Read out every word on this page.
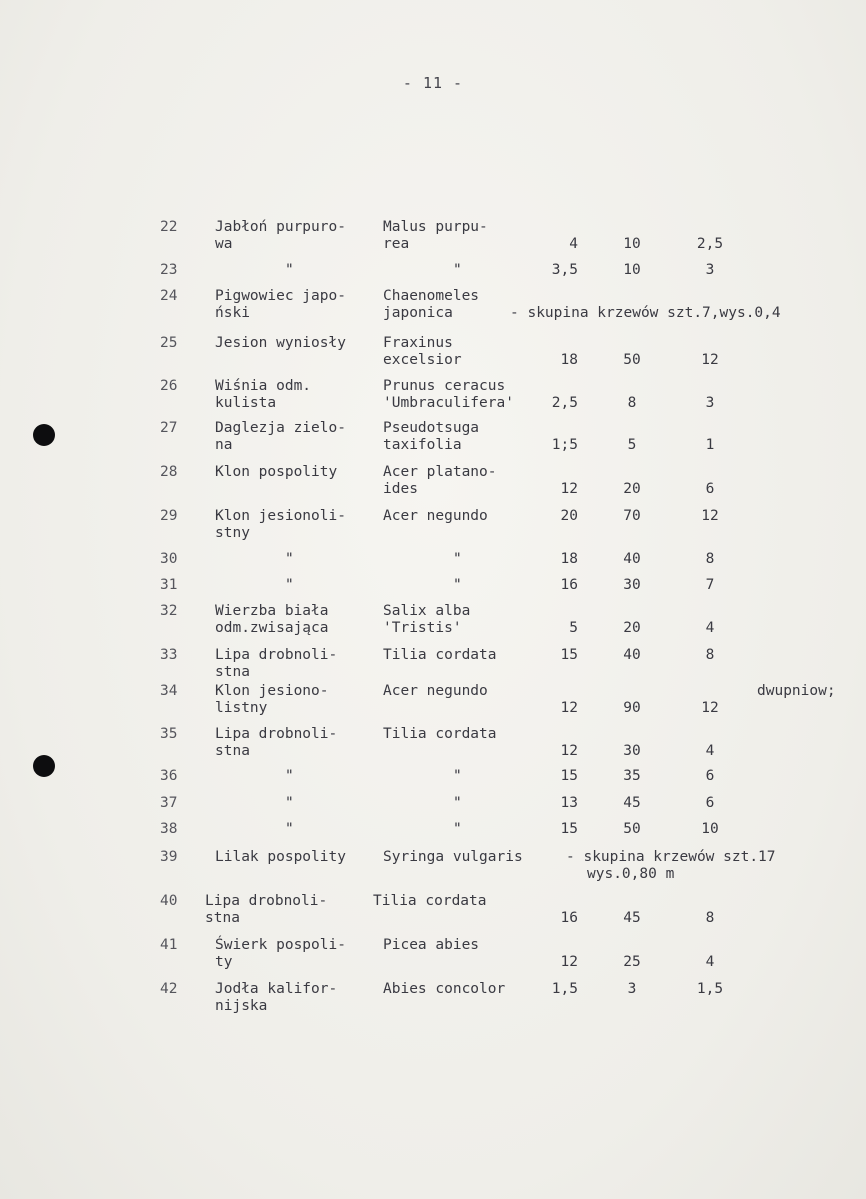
- 11 -
22	Jabłoń purpuro-
wa
Malus purpu-
rea	4	10	2,5
23	"	"	3,5	10	3
24	Pigwowiec japo-
ński
Chaenomeles
japonica	- skupina krzewów szt.7,wys.0,4
25	Jesion wyniosły	Fraxinus
excelsior	18	50	12
26	Wiśnia odm.
kulista
Prunus ceracus
'Umbraculifera'	2,5	8	3
27	Daglezja zielo-
na
Pseudotsuga
taxifolia	1;5	5	1
28	Klon pospolity	Acer platano-
ides	12	20	6
29	Klon jesionoli-
stny
Acer negundo	20	70	12
30	"	"	18	40	8
31	"	"	16	30	7
32	Wierzba biała
odm.zwisająca
Salix alba
'Tristis'	5	20	4
33	Lipa drobnoli-
stna
Tilia cordata	15	40	8
34	Klon jesiono-
listny
Acer negundo
12	90	12
dwupniow;
35	Lipa drobnoli-
stna
Tilia cordata
12	30	4
36	"	"	15	35	6
37	"	"	13	45	6
38	"	"	15	50	10
39	Lilak pospolity	Syringa vulgaris	- skupina krzewów szt.17
wys.0,80 m
40 Lipa drobnoli-
stna
Tilia cordata
16	45	8
41	Świerk pospoli-
ty
Picea abies
12	25	4
42	Jodła kalifor-
nijska
Abies concolor	1,5	3	1,5
